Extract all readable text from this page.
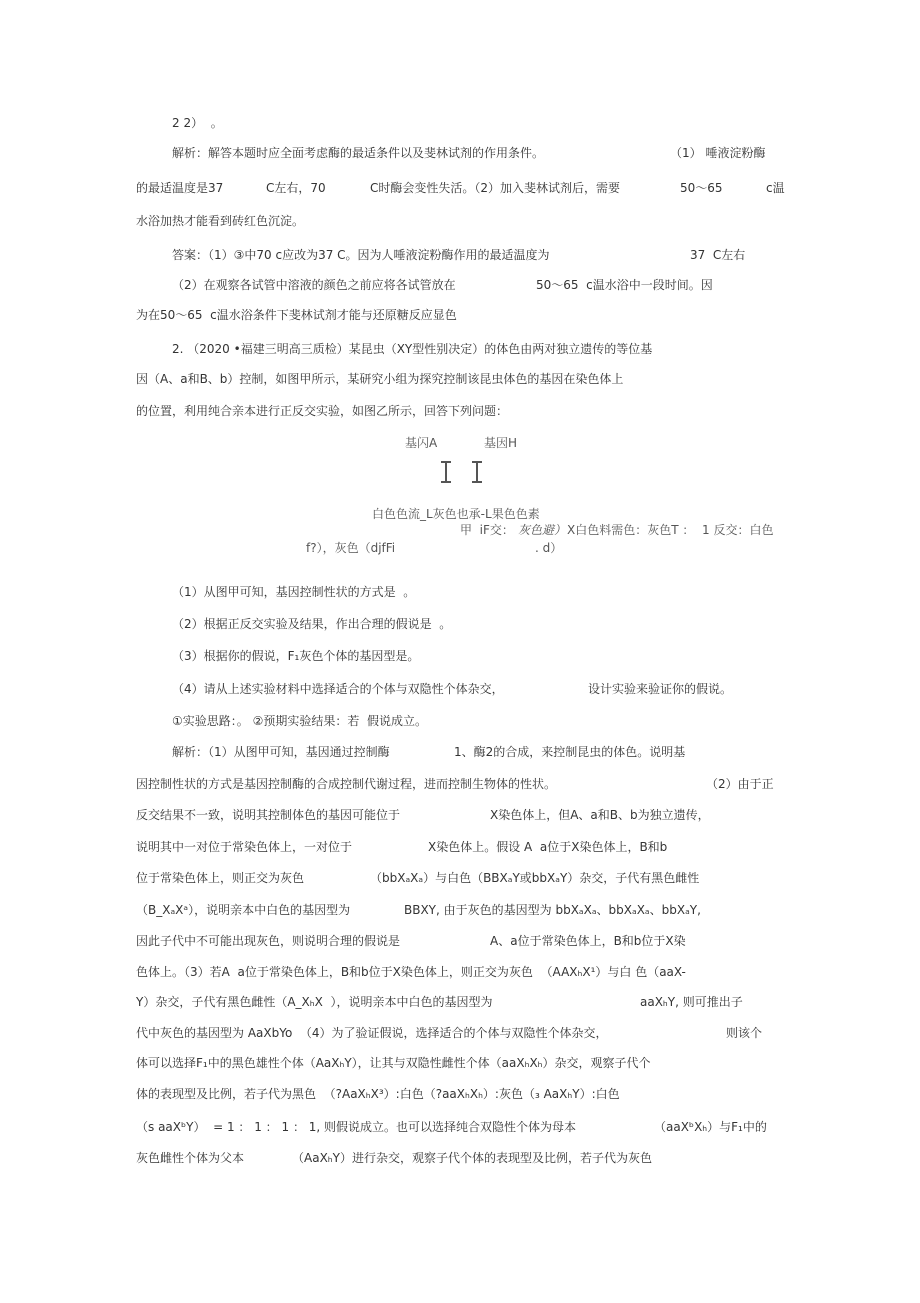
2 2）  。
解析：解答本题时应全面考虑酶的最适条件以及斐林试剂的作用条件。	（1） 唾液淀粉酶
的最适温度是37	C左右，70	C时酶会变性失活。（2）加入斐林试剂后，需要	50～65	c温
水浴加热才能看到砖红色沉淀。
答案：（1）③中70 c应改为37 C。因为人唾液淀粉酶作用的最适温度为	37  C左右
（2）在观察各试管中溶液的颜色之前应将各试管放在	50～65  c温水浴中一段时间。因
为在50～65  c温水浴条件下斐林试剂才能与还原糖反应显色
2. （2020 •福建三明高三质检）某昆虫（XY型性别决定）的体色由两对独立遗传的等位基
因（A、a和B、b）控制，如图甲所示，某研究小组为探究控制该昆虫体色的基因在染色体上
的位置，利用纯合亲本进行正反交实验，如图乙所示，回答下列问题：
基闪A	基因H
白色色流_L灰色也承-L果色色素
甲  iF交： 灰色避） X白色料需色：灰色T ：  1 反交：白色
f?），灰色（djfFi	. d）
（1）从图甲可知，基因控制性状的方式是  。
（2）根据正反交实验及结果，作出合理的假说是  。
（3）根据你的假说，F₁灰色个体的基因型是。
（4）请从上述实验材料中选择适合的个体与双隐性个体杂交，	设计实验来验证你的假说。
①实验思路：。 ②预期实验结果：若  假说成立。
解析：（1）从图甲可知，基因通过控制酶	1、酶2的合成，来控制昆虫的体色。说明基
因控制性状的方式是基因控制酶的合成控制代谢过程，进而控制生物体的性状。	（2）由于正
反交结果不一致，说明其控制体色的基因可能位于	X染色体上，但A、a和B、b为独立遗传，
说明其中一对位于常染色体上，一对位于	X染色体上。假设 A  a位于X染色体上，B和b
位于常染色体上，则正交为灰色	（bbXₐXₐ）与白色（BBXₐY或bbXₐY）杂交，子代有黑色雌性
（B_XₐXᵃ），说明亲本中白色的基因型为	BBXY, 由于灰色的基因型为 bbXₐXₐ、bbXₐXₐ、bbXₐY,
因此子代中不可能出现灰色，则说明合理的假说是	A、a位于常染色体上，B和b位于X染
色体上。（3）若A  a位于常染色体上，B和b位于X染色体上，则正交为灰色  （AAXₕX¹）与白 色（aaX-
Y）杂交，子代有黑色雌性（A_XₕX  ），说明亲本中白色的基因型为	aaXₕY, 则可推出子
代中灰色的基因型为 AaXbYo  （4）为了验证假说，选择适合的个体与双隐性个体杂交，	则该个
体可以选择F₁中的黑色雄性个体（AaXₕY），让其与双隐性雌性个体（aaXₕXₕ）杂交，观察子代个
体的表现型及比例，若子代为黑色  （?AaXₕX³）:白色（?aaXₕXₕ）:灰色（₃ AaXₕY）:白色
（s aaXᵇY）  = 1 ： 1 ： 1 ： 1, 则假说成立。也可以选择纯合双隐性个体为母本	（aaXᵇXₕ）与F₁中的
灰色雌性个体为父本	（AaXₕY）进行杂交，观察子代个体的表现型及比例，若子代为灰色
